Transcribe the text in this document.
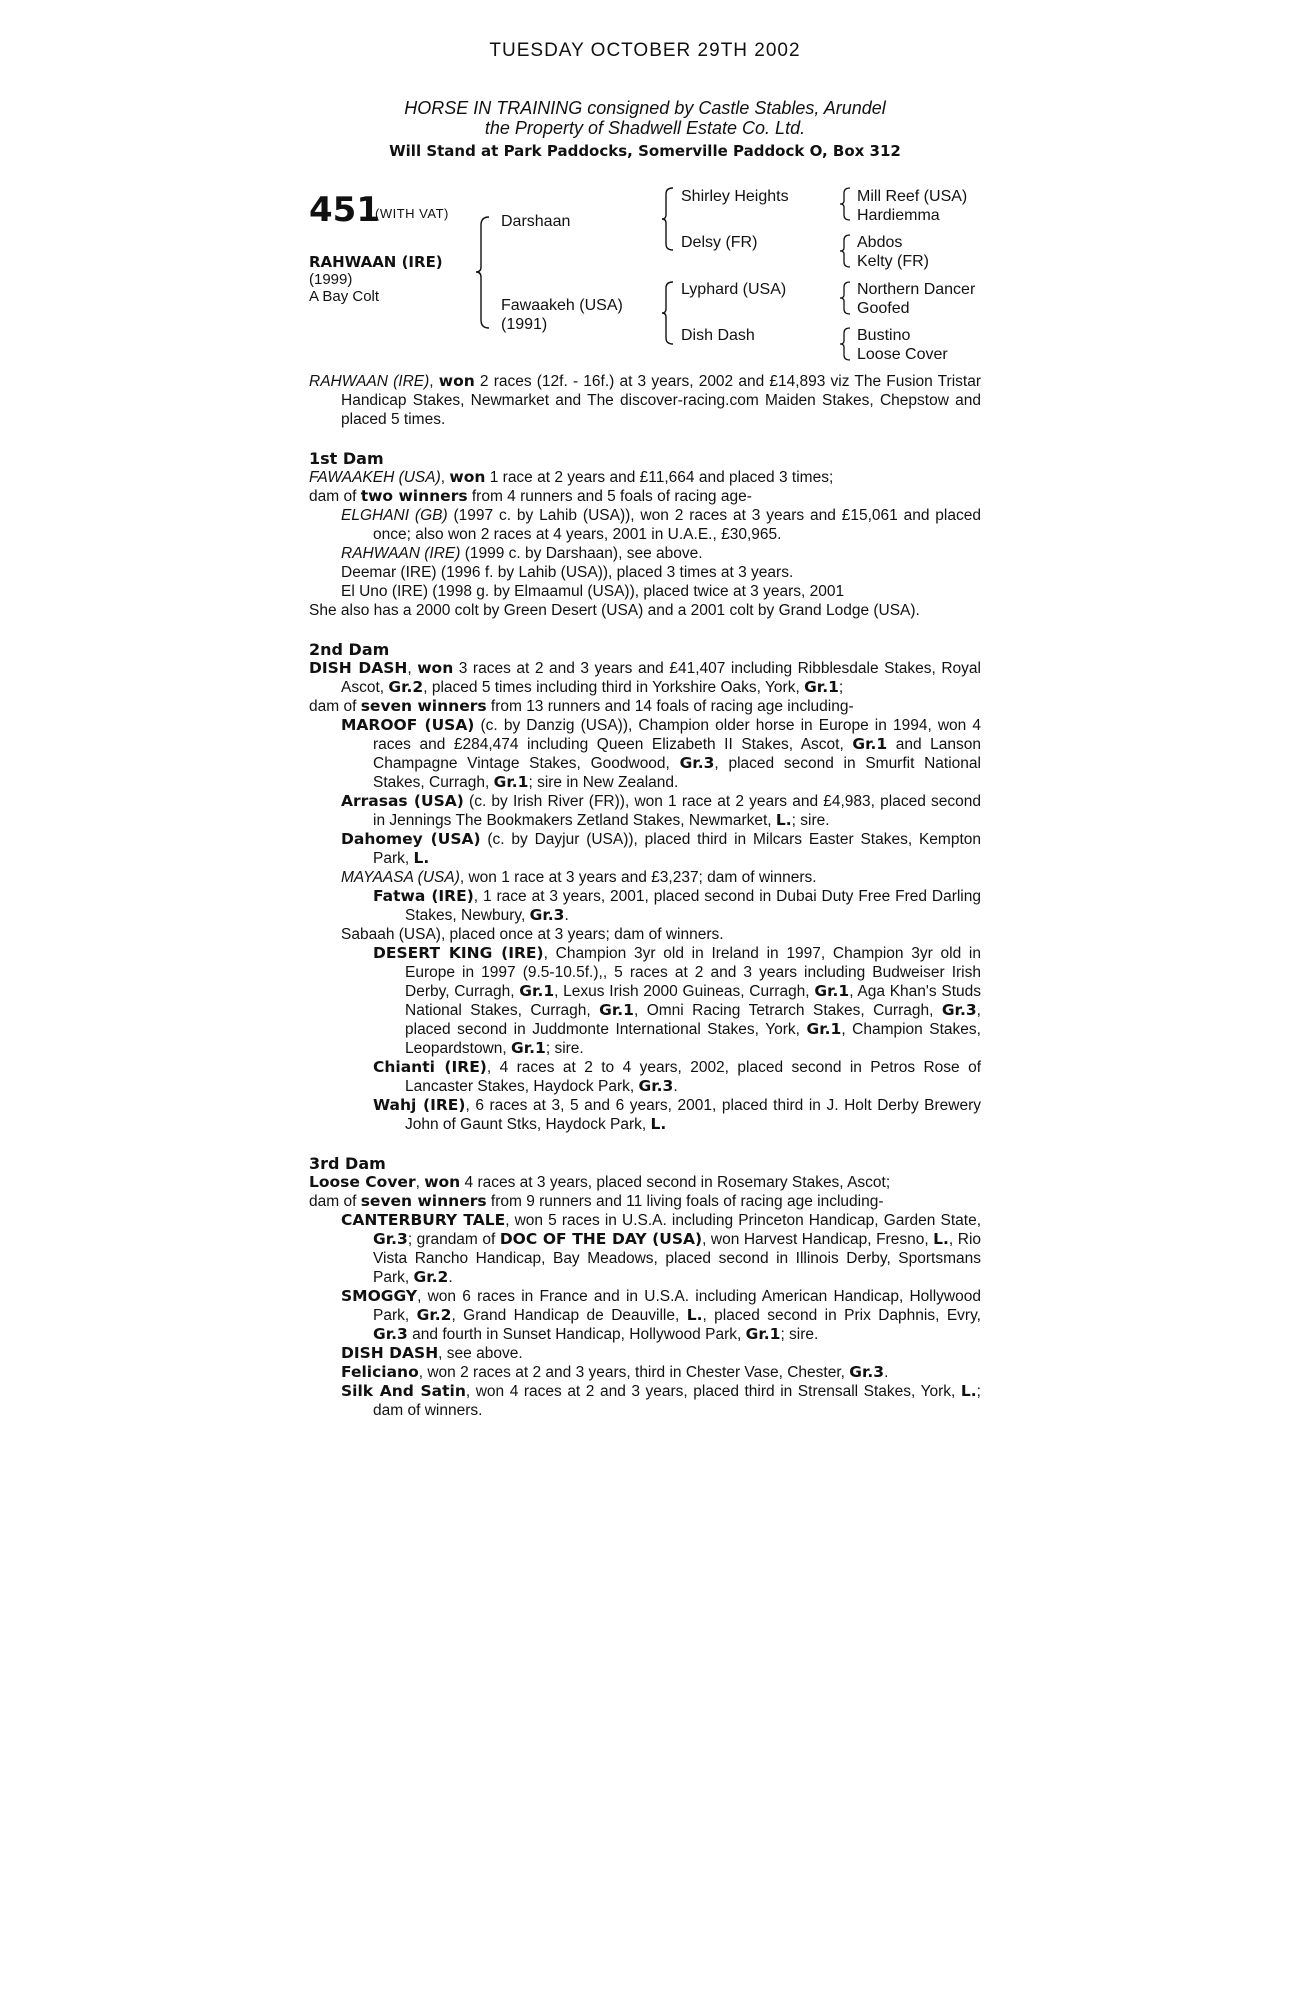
TUESDAY OCTOBER 29TH 2002
HORSE IN TRAINING consigned by Castle Stables, Arundel
the Property of Shadwell Estate Co. Ltd.
Will Stand at Park Paddocks, Somerville Paddock O, Box 312
451
(WITH VAT)
RAHWAAN (IRE)
(1999)
A Bay Colt
Darshaan
Fawaakeh (USA)
(1991)
Shirley Heights
Delsy (FR)
Lyphard (USA)
Dish Dash
Mill Reef (USA)
Hardiemma
Abdos
Kelty (FR)
Northern Dancer
Goofed
Bustino
Loose Cover

RAHWAAN (IRE), won 2 races (12f. - 16f.) at 3 years, 2002 and £14,893 viz The Fusion Tristar Handicap Stakes, Newmarket and The discover-racing.com Maiden Stakes, Chepstow and placed 5 times.

1st Dam

FAWAAKEH (USA), won 1 race at 2 years and £11,664 and placed 3 times;

dam of two winners from 4 runners and 5 foals of racing age-

ELGHANI (GB) (1997 c. by Lahib (USA)), won 2 races at 3 years and £15,061 and placed once; also won 2 races at 4 years, 2001 in U.A.E., £30,965.

RAHWAAN (IRE) (1999 c. by Darshaan), see above.

Deemar (IRE) (1996 f. by Lahib (USA)), placed 3 times at 3 years.

El Uno (IRE) (1998 g. by Elmaamul (USA)), placed twice at 3 years, 2001

She also has a 2000 colt by Green Desert (USA) and a 2001 colt by Grand Lodge (USA).

2nd Dam

DISH DASH, won 3 races at 2 and 3 years and £41,407 including Ribblesdale Stakes, Royal Ascot, Gr.2, placed 5 times including third in Yorkshire Oaks, York, Gr.1;

dam of seven winners from 13 runners and 14 foals of racing age including-

MAROOF (USA) (c. by Danzig (USA)), Champion older horse in Europe in 1994, won 4 races and £284,474 including Queen Elizabeth II Stakes, Ascot, Gr.1 and Lanson Champagne Vintage Stakes, Goodwood, Gr.3, placed second in Smurfit National Stakes, Curragh, Gr.1; sire in New Zealand.

Arrasas (USA) (c. by Irish River (FR)), won 1 race at 2 years and £4,983, placed second in Jennings The Bookmakers Zetland Stakes, Newmarket, L.; sire.

Dahomey (USA) (c. by Dayjur (USA)), placed third in Milcars Easter Stakes, Kempton Park, L.

MAYAASA (USA), won 1 race at 3 years and £3,237; dam of winners.

Fatwa (IRE), 1 race at 3 years, 2001, placed second in Dubai Duty Free Fred Darling Stakes, Newbury, Gr.3.

Sabaah (USA), placed once at 3 years; dam of winners.

DESERT KING (IRE), Champion 3yr old in Ireland in 1997, Champion 3yr old in Europe in 1997 (9.5-10.5f.),, 5 races at 2 and 3 years including Budweiser Irish Derby, Curragh, Gr.1, Lexus Irish 2000 Guineas, Curragh, Gr.1, Aga Khan's Studs National Stakes, Curragh, Gr.1, Omni Racing Tetrarch Stakes, Curragh, Gr.3, placed second in Juddmonte International Stakes, York, Gr.1, Champion Stakes, Leopardstown, Gr.1; sire.

Chianti (IRE), 4 races at 2 to 4 years, 2002, placed second in Petros Rose of Lancaster Stakes, Haydock Park, Gr.3.

Wahj (IRE), 6 races at 3, 5 and 6 years, 2001, placed third in J. Holt Derby Brewery John of Gaunt Stks, Haydock Park, L.

3rd Dam

Loose Cover, won 4 races at 3 years, placed second in Rosemary Stakes, Ascot;

dam of seven winners from 9 runners and 11 living foals of racing age including-

CANTERBURY TALE, won 5 races in U.S.A. including Princeton Handicap, Garden State, Gr.3; grandam of DOC OF THE DAY (USA), won Harvest Handicap, Fresno, L., Rio Vista Rancho Handicap, Bay Meadows, placed second in Illinois Derby, Sportsmans Park, Gr.2.

SMOGGY, won 6 races in France and in U.S.A. including American Handicap, Hollywood Park, Gr.2, Grand Handicap de Deauville, L., placed second in Prix Daphnis, Evry, Gr.3 and fourth in Sunset Handicap, Hollywood Park, Gr.1; sire.

DISH DASH, see above.

Feliciano, won 2 races at 2 and 3 years, third in Chester Vase, Chester, Gr.3.

Silk And Satin, won 4 races at 2 and 3 years, placed third in Strensall Stakes, York, L.; dam of winners.
